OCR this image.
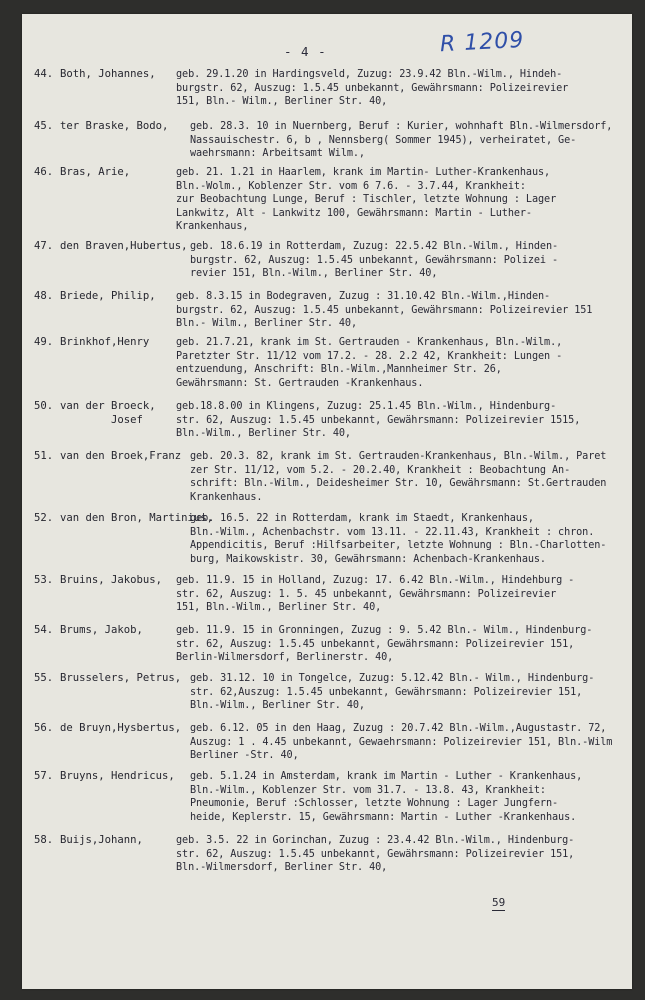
- 4 -	R 1209
44. Both, Johannes, geb. 29.1.20 in Hardingsveld, Zuzug: 23.9.42 Bln.-Wilm., Hindeh-
burgstr. 62, Auszug: 1.5.45 unbekannt, Gewährsmann: Polizeirevier
151, Bln.- Wilm., Berliner Str. 40,
45. ter Braske, Bodo, geb. 28.3. 10 in Nuernberg, Beruf : Kurier, wohnhaft Bln.-Wilmersdorf,
Nassauischestr. 6, b , Nennsberg( Sommer 1945), verheiratet, Ge-
waehrsmann: Arbeitsamt Wilm.,
46. Bras, Arie,	geb. 21. 1.21 in Haarlem, krank im Martin- Luther-Krankenhaus,
Bln.-Wolm., Koblenzer Str. vom 6 7.6. - 3.7.44, Krankheit:
zur Beobachtung Lunge, Beruf : Tischler, letzte Wohnung : Lager
Lankwitz, Alt - Lankwitz 100, Gewährsmann: Martin - Luther-
Krankenhaus,
47. den Braven,Hubertus, geb. 18.6.19 in Rotterdam, Zuzug: 22.5.42 Bln.-Wilm., Hinden-
burgstr. 62, Auszug: 1.5.45 unbekannt, Gewährsmann: Polizei -
revier 151, Bln.-Wilm., Berliner Str. 40,
48. Briede, Philip, geb. 8.3.15 in Bodegraven, Zuzug : 31.10.42 Bln.-Wilm.,Hinden-
burgstr. 62, Auszug: 1.5.45 unbekannt, Gewährsmann: Polizeirevier 151
Bln.- Wilm., Berliner Str. 40,
49. Brinkhof,Henry	geb. 21.7.21, krank im St. Gertrauden - Krankenhaus, Bln.-Wilm.,
Paretzter Str. 11/12 vom 17.2. - 28. 2.2 42, Krankheit: Lungen -
entzuendung, Anschrift: Bln.-Wilm.,Mannheimer Str. 26,
Gewährsmann: St. Gertrauden -Krankenhaus.
50. van der Broeck,
Josef
geb.18.8.00 in Klingens, Zuzug: 25.1.45 Bln.-Wilm., Hindenburg-
str. 62, Auszug: 1.5.45 unbekannt, Gewährsmann: Polizeirevier 1515,
Bln.-Wilm., Berliner Str. 40,
51. van den Broek,Franz geb. 20.3. 82, krank im St. Gertrauden-Krankenhaus, Bln.-Wilm., Paret
zer Str. 11/12, vom 5.2. - 20.2.40, Krankheit : Beobachtung An-
schrift: Bln.-Wilm., Deidesheimer Str. 10, Gewährsmann: St.Gertrauden
Krankenhaus.
52. van den Bron, Martinius,
geb. 16.5. 22 in Rotterdam, krank im Staedt, Krankenhaus,
Bln.-Wilm., Achenbachstr. vom 13.11. - 22.11.43, Krankheit : chron.
Appendicitis, Beruf :Hilfsarbeiter, letzte Wohnung : Bln.-Charlotten-
burg, Maikowskistr. 30, Gewährsmann: Achenbach-Krankenhaus.
53. Bruins, Jakobus, geb. 11.9. 15 in Holland, Zuzug: 17. 6.42 Bln.-Wilm., Hindehburg -
str. 62, Auszug: 1. 5. 45 unbekannt, Gewährsmann: Polizeirevier
151, Bln.-Wilm., Berliner Str. 40,
54. Brums, Jakob,	geb. 11.9. 15 in Gronningen, Zuzug : 9. 5.42 Bln.- Wilm., Hindenburg-
str. 62, Auszug: 1.5.45 unbekannt, Gewährsmann: Polizeirevier 151,
Berlin-Wilmersdorf, Berlinerstr. 40,
55. Brusselers, Petrus, geb. 31.12. 10 in Tongelce, Zuzug: 5.12.42 Bln.- Wilm., Hindenburg-
str. 62,Auszug: 1.5.45 unbekannt, Gewährsmann: Polizeirevier 151,
Bln.-Wilm., Berliner Str. 40,
56. de Bruyn,Hysbertus, geb. 6.12. 05 in den Haag, Zuzug : 20.7.42 Bln.-Wilm.,Augustastr. 72,
Auszug: 1 . 4.45 unbekannt, Gewaehrsmann: Polizeirevier 151, Bln.-Wilm
Berliner -Str. 40,
57. Bruyns, Hendricus, geb. 5.1.24 in Amsterdam, krank im Martin - Luther - Krankenhaus,
Bln.-Wilm., Koblenzer Str. vom 31.7. - 13.8. 43, Krankheit:
Pneumonie, Beruf :Schlosser, letzte Wohnung : Lager Jungfern-
heide, Keplerstr. 15, Gewährsmann: Martin - Luther -Krankenhaus.
58. Buijs,Johann,	geb. 3.5. 22 in Gorinchan, Zuzug : 23.4.42 Bln.-Wilm., Hindenburg-
str. 62, Auszug: 1.5.45 unbekannt, Gewährsmann: Polizeirevier 151,
Bln.-Wilmersdorf, Berliner Str. 40,
59
